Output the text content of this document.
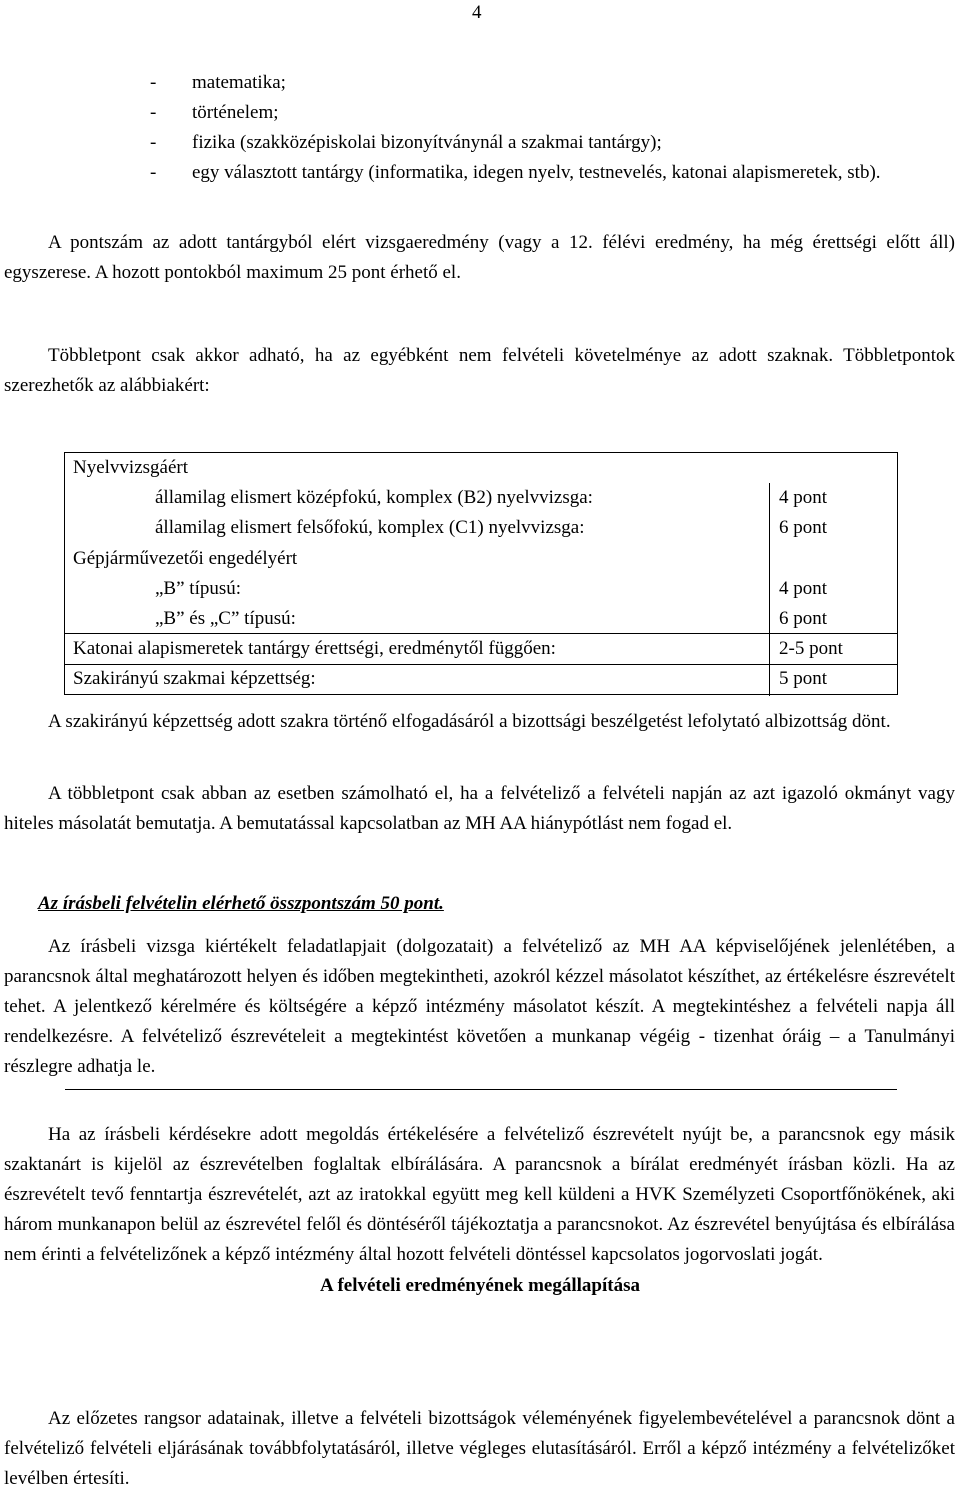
4
- matematika;
- történelem;
- fizika (szakközépiskolai bizonyítványnál a szakmai tantárgy);
- egy választott tantárgy (informatika, idegen nyelv, testnevelés, katonai alapismeretek, stb).

A pontszám az adott tantárgyból elért vizsgaeredmény (vagy a 12. félévi eredmény, ha még érettségi előtt áll) egyszerese. A hozott pontokból maximum 25 pont érhető el.

Többletpont csak akkor adható, ha az egyébként nem felvételi követelménye az adott szaknak. Többletpontok szerezhetők az alábbiakért:

Nyelvvizsgáért
államilag elismert középfokú, komplex (B2) nyelvvizsga:	4 pont
államilag elismert felsőfokú, komplex (C1) nyelvvizsga:	6 pont
Gépjárművezetői engedélyért
„B” típusú:	4 pont
„B” és „C” típusú:	6 pont
Katonai alapismeretek tantárgy érettségi, eredménytől függően:	2-5 pont
Szakirányú szakmai képzettség:	5 pont

A szakirányú képzettség adott szakra történő elfogadásáról a bizottsági beszélgetést lefolytató albizottság dönt.

A többletpont csak abban az esetben számolható el, ha a felvételiző a felvételi napján az azt igazoló okmányt vagy hiteles másolatát bemutatja. A bemutatással kapcsolatban az MH AA hiánypótlást nem fogad el.

Az írásbeli felvételin elérhető összpontszám 50 pont.

Az írásbeli vizsga kiértékelt feladatlapjait (dolgozatait) a felvételiző az MH AA képviselőjének jelenlétében, a parancsnok által meghatározott helyen és időben megtekintheti, azokról kézzel másolatot készíthet, az értékelésre észrevételt tehet. A jelentkező kérelmére és költségére a képző intézmény másolatot készít. A megtekintéshez a felvételi napja áll rendelkezésre. A felvételiző észrevételeit a megtekintést követően a munkanap végéig - tizenhat óráig – a Tanulmányi részlegre adhatja le.

Ha az írásbeli kérdésekre adott megoldás értékelésére a felvételiző észrevételt nyújt be, a parancsnok egy másik szaktanárt is kijelöl az észrevételben foglaltak elbírálására. A parancsnok a bírálat eredményét írásban közli. Ha az észrevételt tevő fenntartja észrevételét, azt az iratokkal együtt meg kell küldeni a HVK Személyzeti Csoportfőnökének, aki három munkanapon belül az észrevétel felől és döntéséről tájékoztatja a parancsnokot. Az észrevétel benyújtása és elbírálása nem érinti a felvételizőnek a képző intézmény által hozott felvételi döntéssel kapcsolatos jogorvoslati jogát.

A felvételi eredményének megállapítása

Az előzetes rangsor adatainak, illetve a felvételi bizottságok véleményének figyelembevételével a parancsnok dönt a felvételiző felvételi eljárásának továbbfolytatásáról, illetve végleges elutasításáról. Erről a képző intézmény a felvételizőket levélben értesíti.
